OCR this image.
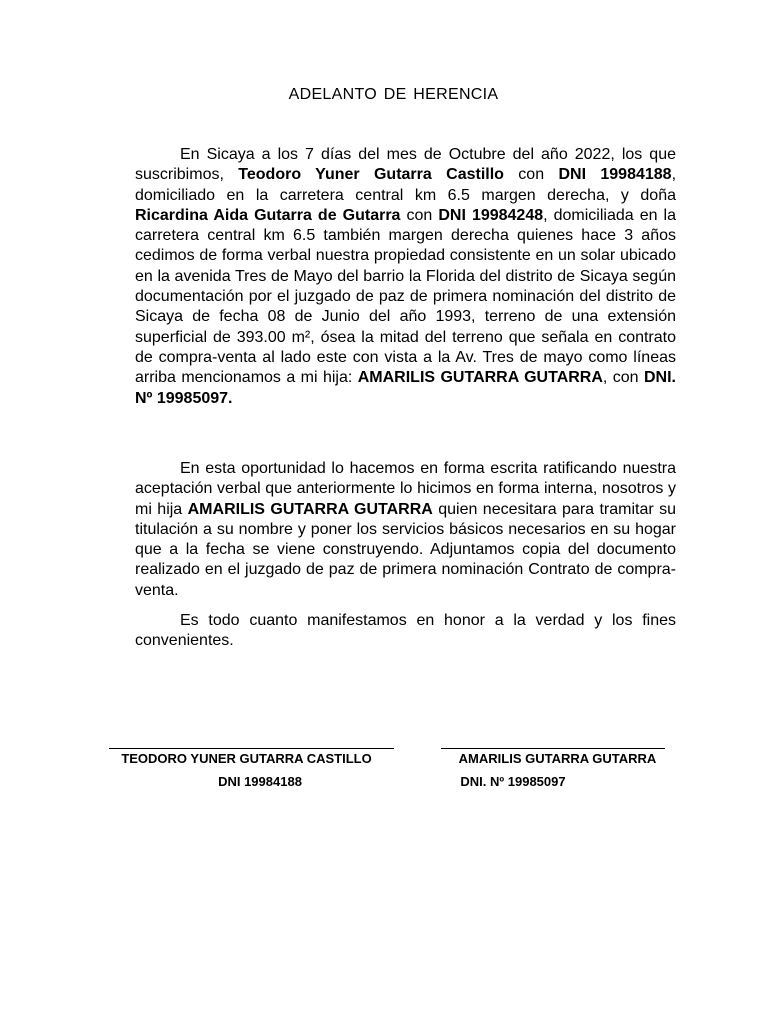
ADELANTO DE HERENCIA

En Sicaya a los 7 días del mes de Octubre del año 2022, los que suscribimos, Teodoro Yuner Gutarra Castillo con DNI 19984188, domiciliado en la carretera central km 6.5 margen derecha, y doña Ricardina Aida Gutarra de Gutarra con DNI 19984248, domiciliada en la carretera central km 6.5 también margen derecha quienes hace 3 años cedimos de forma verbal nuestra propiedad consistente en un solar ubicado en la avenida Tres de Mayo del barrio la Florida del distrito de Sicaya según documentación por el juzgado de paz de primera nominación del distrito de Sicaya de fecha 08 de Junio del año 1993, terreno de una extensión superficial de 393.00 m², ósea la mitad del terreno que señala en contrato de compra-venta al lado este con vista a la Av. Tres de mayo como líneas arriba mencionamos a mi hija: AMARILIS GUTARRA GUTARRA, con DNI. Nº 19985097.

En esta oportunidad lo hacemos en forma escrita ratificando nuestra aceptación verbal que anteriormente lo hicimos en forma interna, nosotros y mi hija AMARILIS GUTARRA GUTARRA quien necesitara para tramitar su titulación a su nombre y poner los servicios básicos necesarios en su hogar que a la fecha se viene construyendo. Adjuntamos copia del documento realizado en el juzgado de paz de primera nominación Contrato de compra-venta.

Es todo cuanto manifestamos en honor a la verdad y los fines convenientes.

TEODORO YUNER GUTARRA CASTILLO
DNI 19984188
AMARILIS GUTARRA GUTARRA
DNI. Nº 19985097
